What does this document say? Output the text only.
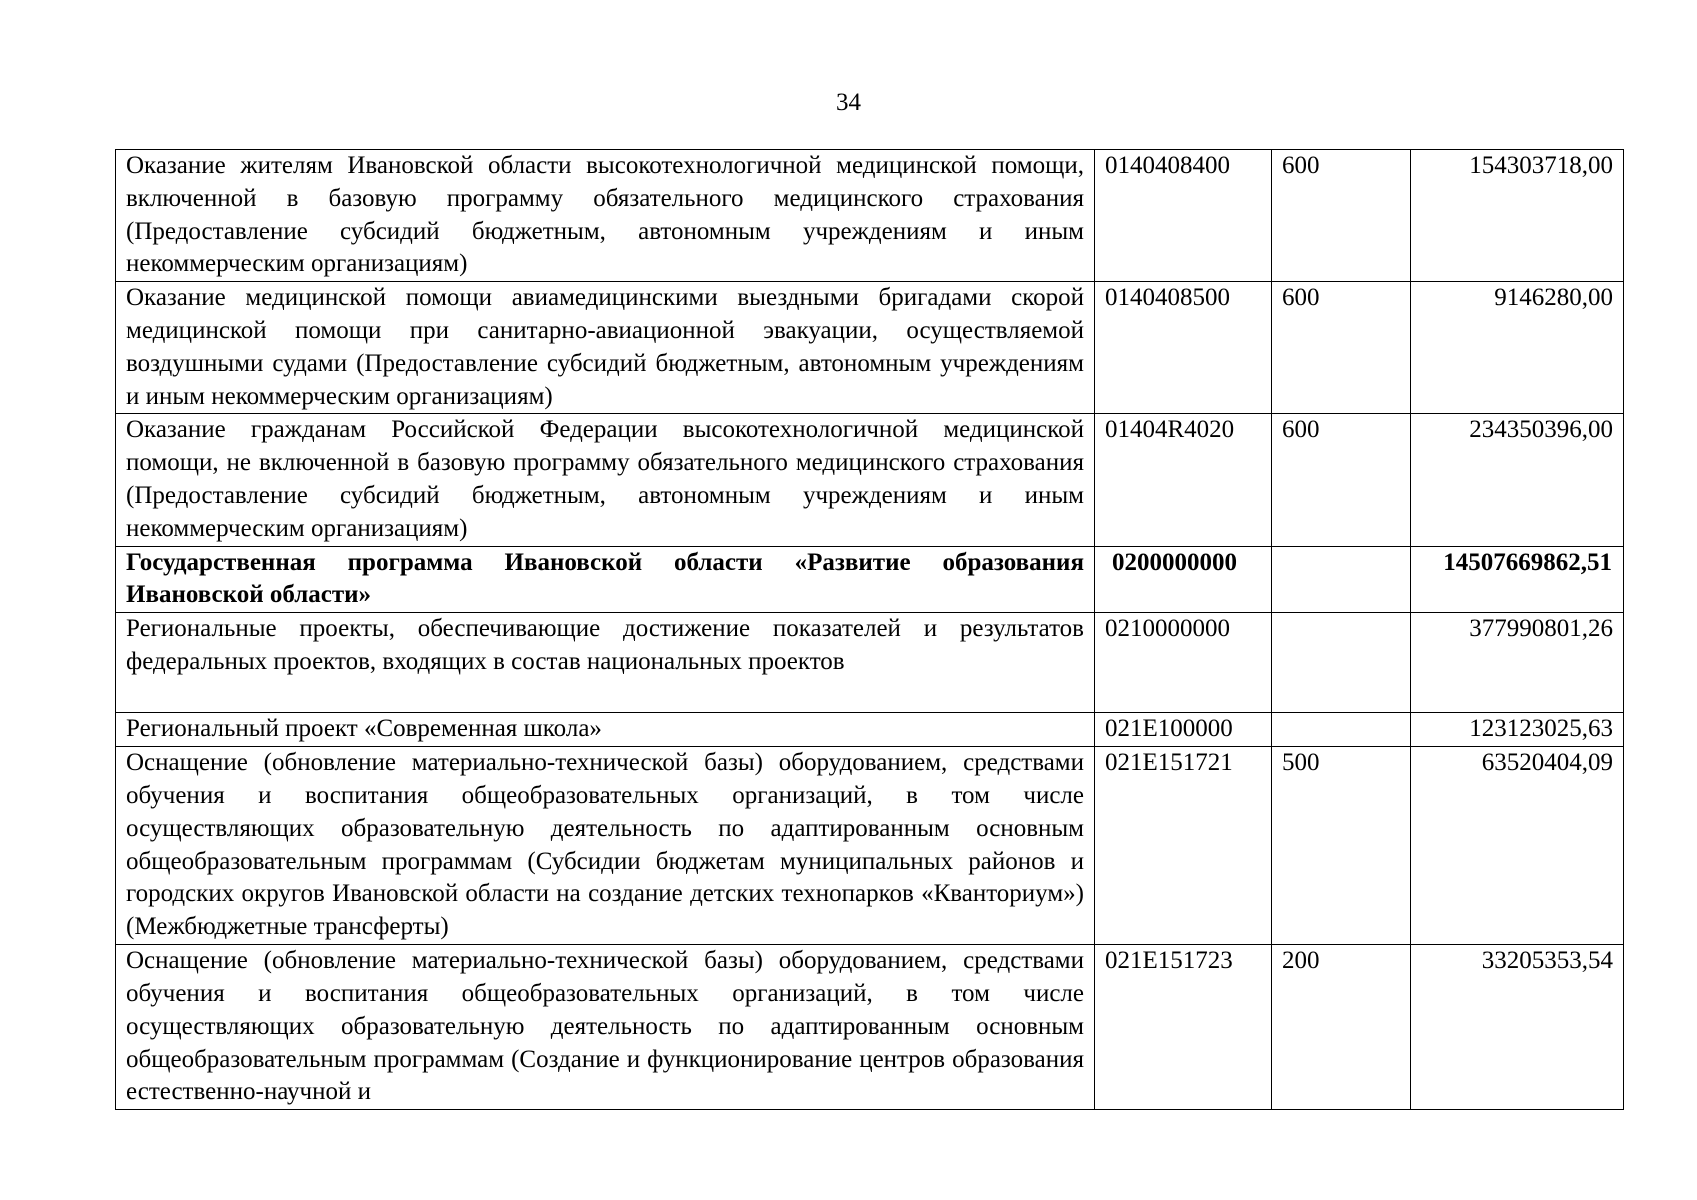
34
Оказание жителям Ивановской области высокотехнологичной медицинской помощи, включенной в базовую программу обязательного медицинского страхования (Предоставление субсидий бюджетным, автономным учреждениям и иным некоммерческим организациям)	0140408400	600	154303718,00
Оказание медицинской помощи авиамедицинскими выездными бригадами скорой медицинской помощи при санитарно-авиационной эвакуации, осуществляемой воздушными судами (Предоставление субсидий бюджетным, автономным учреждениям и иным некоммерческим организациям)	0140408500	600	9146280,00
Оказание гражданам Российской Федерации высокотехнологичной медицинской помощи, не включенной в базовую программу обязательного медицинского страхования (Предоставление субсидий бюджетным, автономным учреждениям и иным некоммерческим организациям)	01404R4020	600	234350396,00
Государственная программа Ивановской области «Развитие образования Ивановской области»	0200000000		14507669862,51
Региональные проекты, обеспечивающие достижение показателей и результатов федеральных проектов, входящих в состав национальных проектов	0210000000		377990801,26
Региональный проект «Современная школа»	021E100000		123123025,63
Оснащение (обновление материально-технической базы) оборудованием, средствами обучения и воспитания общеобразовательных организаций, в том числе осуществляющих образовательную деятельность по адаптированным основным общеобразовательным программам (Субсидии бюджетам муниципальных районов и городских округов Ивановской области на создание детских технопарков «Кванториум») (Межбюджетные трансферты)	021E151721	500	63520404,09
Оснащение (обновление материально-технической базы) оборудованием, средствами обучения и воспитания общеобразовательных организаций, в том числе осуществляющих образовательную деятельность по адаптированным основным общеобразовательным программам (Создание и функционирование центров образования естественно-научной и	021E151723	200	33205353,54
